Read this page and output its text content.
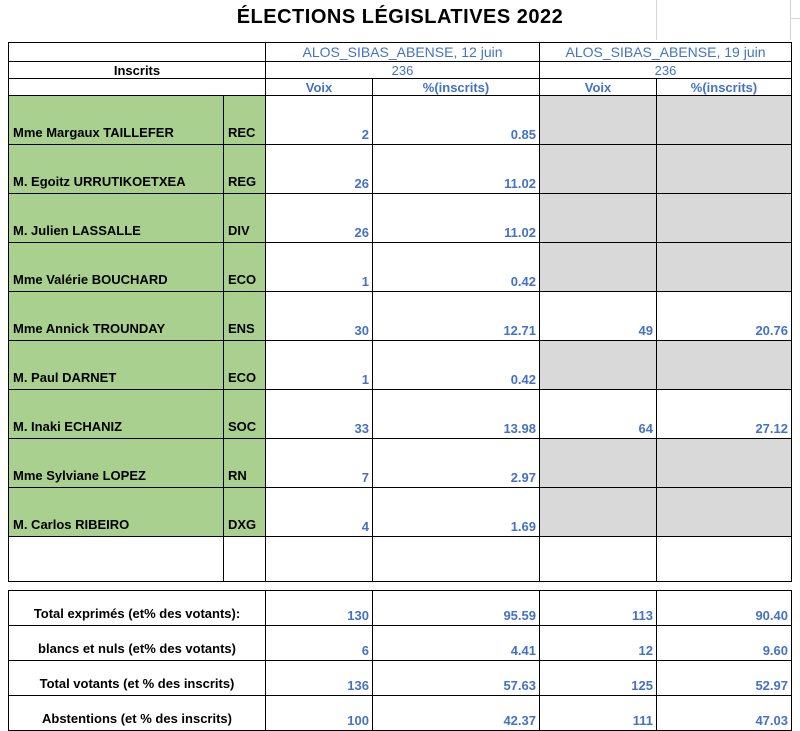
ÉLECTIONS LÉGISLATIVES 2022
ALOS_SIBAS_ABENSE, 12 juin	ALOS_SIBAS_ABENSE, 19 juin
Inscrits	236	236
Voix	%(inscrits)	Voix	%(inscrits)
Mme Margaux TAILLEFER	REC	2	0.85
M. Egoitz URRUTIKOETXEA	REG	26	11.02
M. Julien LASSALLE	DIV	26	11.02
Mme Valérie BOUCHARD	ECO	1	0.42
Mme Annick TROUNDAY	ENS	30	12.71	49	20.76
M. Paul DARNET	ECO	1	0.42
M. Inaki ECHANIZ	SOC	33	13.98	64	27.12
Mme Sylviane LOPEZ	RN	7	2.97
M. Carlos RIBEIRO	DXG	4	1.69
Total exprimés (et% des votants):	130	95.59	113	90.40
blancs et nuls (et% des votants)	6	4.41	12	9.60
Total votants (et % des inscrits)	136	57.63	125	52.97
Abstentions (et % des inscrits)	100	42.37	111	47.03
